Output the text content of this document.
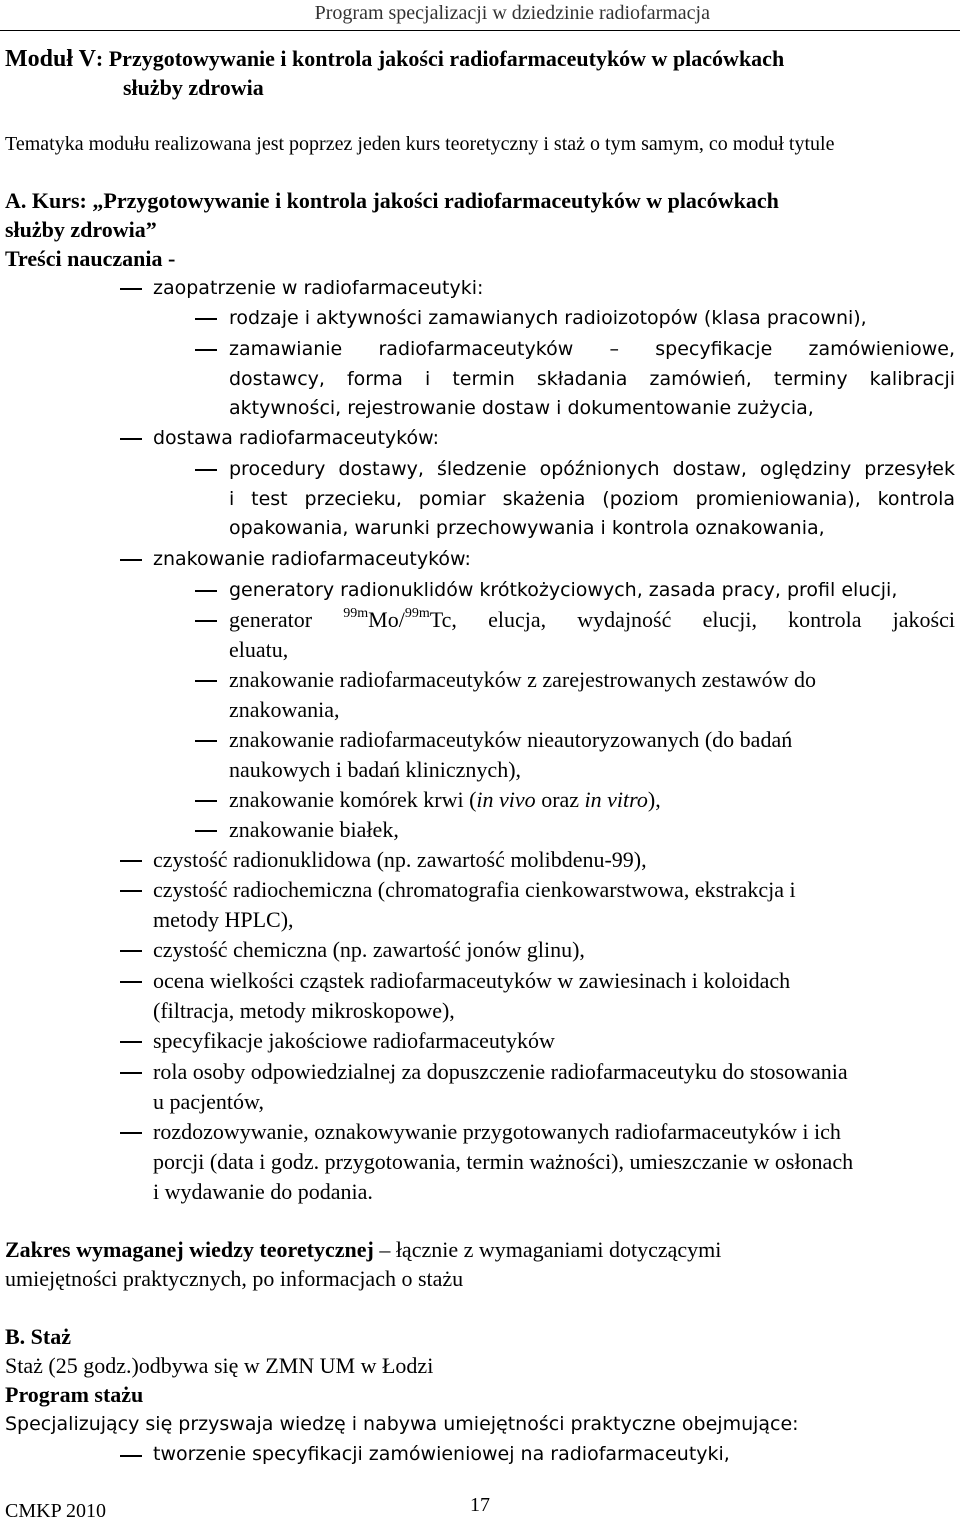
Program specjalizacji w dziedzinie radiofarmacja
Moduł V: Przygotowywanie i kontrola jakości radiofarmaceutyków w placówkach
służby zdrowia
Tematyka modułu realizowana jest poprzez jeden kurs teoretyczny i staż o tym samym, co moduł tytule
A. Kurs: „Przygotowywanie i kontrola jakości radiofarmaceutyków w placówkach
służby zdrowia”
Treści nauczania -
zaopatrzenie w radiofarmaceutyki:
rodzaje i aktywności zamawianych radioizotopów (klasa pracowni),
zamawianie radiofarmaceutyków – specyfikacje zamówieniowe,
dostawcy, forma i termin składania zamówień, terminy kalibracji
aktywności, rejestrowanie dostaw i dokumentowanie zużycia,
dostawa radiofarmaceutyków:
procedury dostawy, śledzenie opóźnionych dostaw, oględziny przesyłek
i test przecieku, pomiar skażenia (poziom promieniowania), kontrola
opakowania, warunki przechowywania i kontrola oznakowania,
znakowanie radiofarmaceutyków:
generatory radionuklidów krótkożyciowych, zasada pracy, profil elucji,
generator $^{99m}$Mo/$^{99m}$Tc, elucja, wydajność elucji, kontrola jakości
eluatu,
znakowanie radiofarmaceutyków z zarejestrowanych zestawów do
znakowania,
znakowanie radiofarmaceutyków nieautoryzowanych (do badań
naukowych i badań klinicznych),
znakowanie komórek krwi (in vivo oraz in vitro),
znakowanie białek,
czystość radionuklidowa (np. zawartość molibdenu-99),
czystość radiochemiczna (chromatografia cienkowarstwowa, ekstrakcja i
metody HPLC),
czystość chemiczna (np. zawartość jonów glinu),
ocena wielkości cząstek radiofarmaceutyków w zawiesinach i koloidach
(filtracja, metody mikroskopowe),
specyfikacje jakościowe radiofarmaceutyków
rola osoby odpowiedzialnej za dopuszczenie radiofarmaceutyku do stosowania
u pacjentów,
rozdozowywanie, oznakowywanie przygotowanych radiofarmaceutyków i ich
porcji (data i godz. przygotowania, termin ważności), umieszczanie w osłonach
i wydawanie do podania.
Zakres wymaganej wiedzy teoretycznej – łącznie z wymaganiami dotyczącymi
umiejętności praktycznych, po informacjach o stażu
B. Staż
Staż (25 godz.)odbywa się w ZMN UM w Łodzi
Program stażu
Specjalizujący się przyswaja wiedzę i nabywa umiejętności praktyczne obejmujące:
tworzenie specyfikacji zamówieniowej na radiofarmaceutyki,
CMKP 2010	17
